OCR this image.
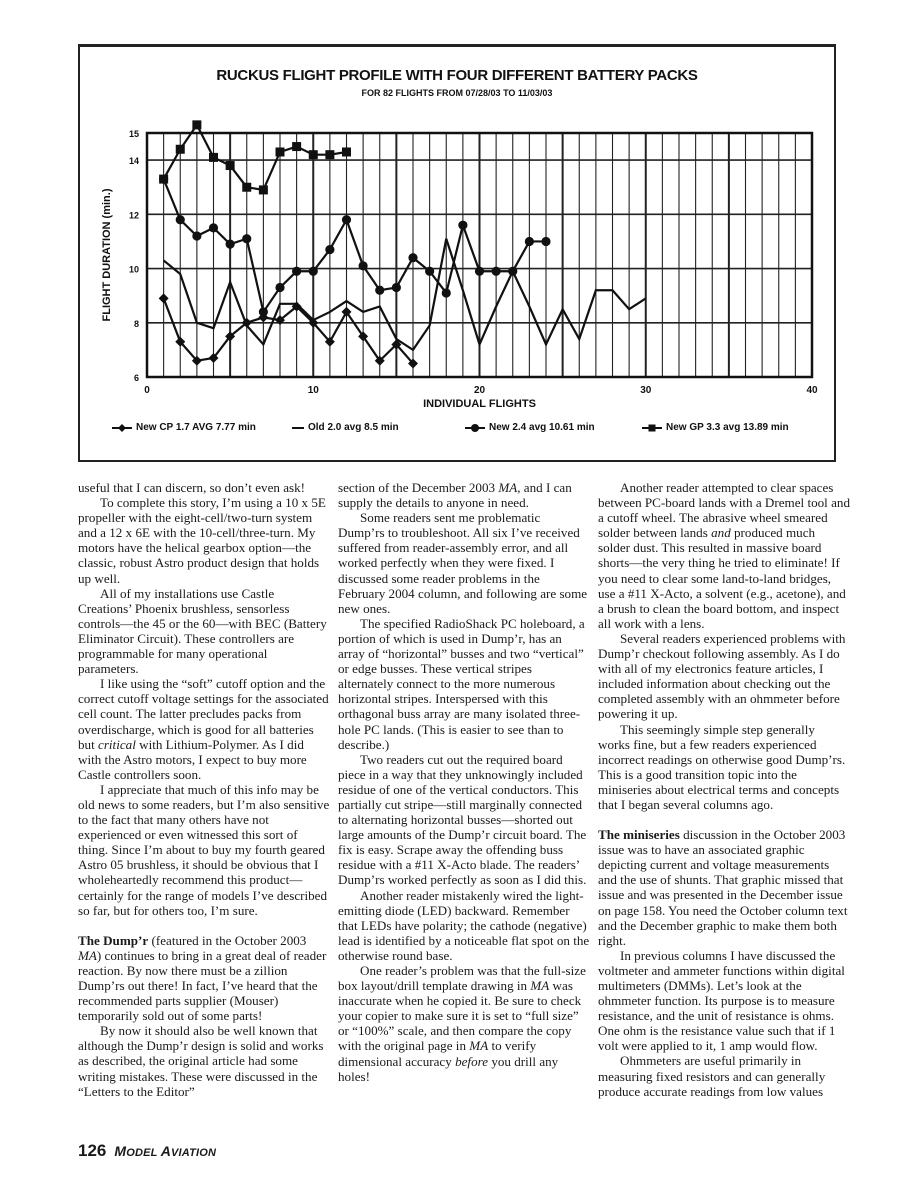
RUCKUS FLIGHT PROFILE WITH FOUR DIFFERENT BATTERY PACKS
FOR 82 FLIGHTS FROM 07/28/03 TO 11/03/03
15
14
12
10
8
6
0	10	20	30	40
INDIVIDUAL FLIGHTS
FLIGHT DURATION (min.)
New CP 1.7 AVG 7.77 min	Old 2.0 avg 8.5 min	New 2.4 avg 10.61 min	New GP 3.3 avg 13.89 min

useful that I can discern, so don’t even ask!

To complete this story, I’m using a 10 x 5E propeller with the eight-cell/two-turn system and a 12 x 6E with the 10-cell/three-turn. My motors have the helical gearbox option—the classic, robust Astro product design that holds up well.

All of my installations use Castle Creations’ Phoenix brushless, sensorless controls—the 45 or the 60—with BEC (Battery Eliminator Circuit). These controllers are programmable for many operational parameters.

I like using the “soft” cutoff option and the correct cutoff voltage settings for the associated cell count. The latter precludes packs from overdischarge, which is good for all batteries but critical with Lithium-Polymer. As I did with the Astro motors, I expect to buy more Castle controllers soon.

I appreciate that much of this info may be old news to some readers, but I’m also sensitive to the fact that many others have not experienced or even witnessed this sort of thing. Since I’m about to buy my fourth geared Astro 05 brushless, it should be obvious that I wholeheartedly recommend this product—certainly for the range of models I’ve described so far, but for others too, I’m sure.

The Dump’r (featured in the October 2003 MA) continues to bring in a great deal of reader reaction. By now there must be a zillion Dump’rs out there! In fact, I’ve heard that the recommended parts supplier (Mouser) temporarily sold out of some parts!

By now it should also be well known that although the Dump’r design is solid and works as described, the original article had some writing mistakes. These were discussed in the “Letters to the Editor”

section of the December 2003 MA, and I can supply the details to anyone in need.

Some readers sent me problematic Dump’rs to troubleshoot. All six I’ve received suffered from reader-assembly error, and all worked perfectly when they were fixed. I discussed some reader problems in the February 2004 column, and following are some new ones.

The specified RadioShack PC holeboard, a portion of which is used in Dump’r, has an array of “horizontal” busses and two “vertical” or edge busses. These vertical stripes alternately connect to the more numerous horizontal stripes. Interspersed with this orthagonal buss array are many isolated three-hole PC lands. (This is easier to see than to describe.)

Two readers cut out the required board piece in a way that they unknowingly included residue of one of the vertical conductors. This partially cut stripe—still marginally connected to alternating horizontal busses—shorted out large amounts of the Dump’r circuit board. The fix is easy. Scrape away the offending buss residue with a #11 X-Acto blade. The readers’ Dump’rs worked perfectly as soon as I did this.

Another reader mistakenly wired the light-emitting diode (LED) backward. Remember that LEDs have polarity; the cathode (negative) lead is identified by a noticeable flat spot on the otherwise round base.

One reader’s problem was that the full-size box layout/drill template drawing in MA was inaccurate when he copied it. Be sure to check your copier to make sure it is set to “full size” or “100%” scale, and then compare the copy with the original page in MA to verify dimensional accuracy before you drill any holes!

Another reader attempted to clear spaces between PC-board lands with a Dremel tool and a cutoff wheel. The abrasive wheel smeared solder between lands and produced much solder dust. This resulted in massive board shorts—the very thing he tried to eliminate! If you need to clear some land-to-land bridges, use a #11 X-Acto, a solvent (e.g., acetone), and a brush to clean the board bottom, and inspect all work with a lens.

Several readers experienced problems with Dump’r checkout following assembly. As I do with all of my electronics feature articles, I included information about checking out the completed assembly with an ohmmeter before powering it up.

This seemingly simple step generally works fine, but a few readers experienced incorrect readings on otherwise good Dump’rs. This is a good transition topic into the miniseries about electrical terms and concepts that I began several columns ago.

The miniseries discussion in the October 2003 issue was to have an associated graphic depicting current and voltage measurements and the use of shunts. That graphic missed that issue and was presented in the December issue on page 158. You need the October column text and the December graphic to make them both right.

In previous columns I have discussed the voltmeter and ammeter functions within digital multimeters (DMMs). Let’s look at the ohmmeter function. Its purpose is to measure resistance, and the unit of resistance is ohms. One ohm is the resistance value such that if 1 volt were applied to it, 1 amp would flow.

Ohmmeters are useful primarily in measuring fixed resistors and can generally produce accurate readings from low values

126 MODEL AVIATION
